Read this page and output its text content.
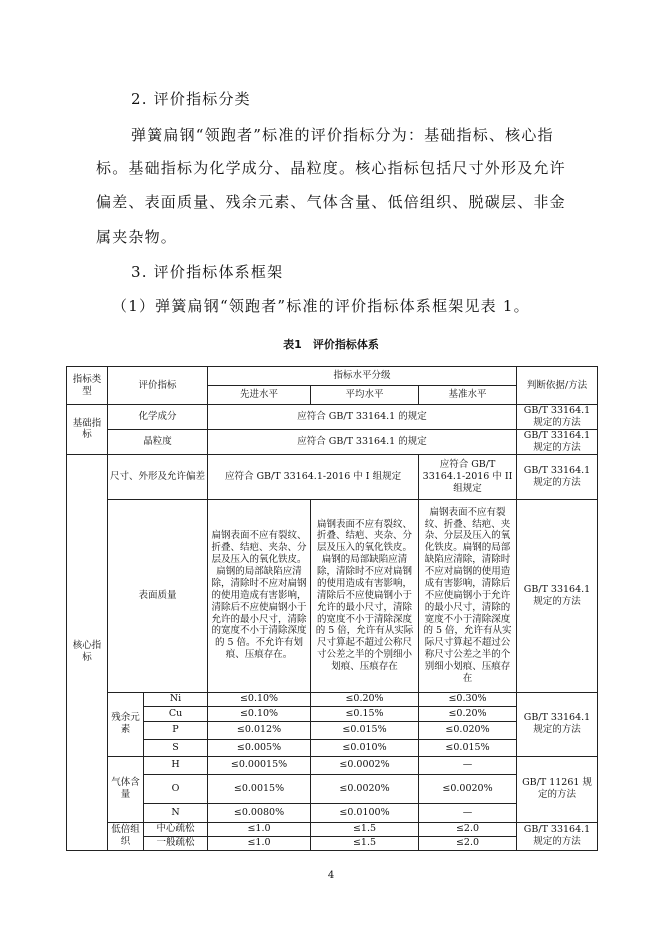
2. 评价指标分类
弹簧扁钢“领跑者”标准的评价指标分为：基础指标、核心指
标。基础指标为化学成分、晶粒度。核心指标包括尺寸外形及允许
偏差、表面质量、残余元素、气体含量、低倍组织、脱碳层、非金
属夹杂物。
3. 评价指标体系框架
（1）弹簧扁钢“领跑者”标准的评价指标体系框架见表 1。
表1　评价指标体系
指标类型	评价指标		指标水平分级			判断依据/方法
			先进水平	平均水平	基准水平	
基础指标	化学成分		应符合 GB/T 33164.1 的规定			GB/T 33164.1 规定的方法
	晶粒度		应符合 GB/T 33164.1 的规定			GB/T 33164.1 规定的方法
核心指标	尺寸、外形及允许偏差		应符合 GB/T 33164.1-2016 中 I 组规定		应符合 GB/T 33164.1-2016 中 II 组规定	GB/T 33164.1 规定的方法
	表面质量		扁钢表面不应有裂纹、折叠、结疤、夹杂、分层及压入的氧化铁皮。扁钢的局部缺陷应清除，清除时不应对扁钢的使用造成有害影响，清除后不应使扁钢小于允许的最小尺寸，清除的宽度不小于清除深度的 5 倍。不允许有划痕、压痕存在。	扁钢表面不应有裂纹、折叠、结疤、夹杂、分层及压入的氧化铁皮。扁钢的局部缺陷应清除，清除时不应对扁钢的使用造成有害影响，清除后不应使扁钢小于允许的最小尺寸，清除的宽度不小于清除深度的 5 倍，允许有从实际尺寸算起不超过公称尺寸公差之半的个别细小划痕、压痕存在	扁钢表面不应有裂纹、折叠、结疤、夹杂、分层及压入的氧化铁皮。扁钢的局部缺陷应清除，清除时不应对扁钢的使用造成有害影响，清除后不应使扁钢小于允许的最小尺寸，清除的宽度不小于清除深度的 5 倍，允许有从实际尺寸算起不超过公称尺寸公差之半的个别细小划痕、压痕存在	GB/T 33164.1 规定的方法
	残余元素	Ni	≤0.10%	≤0.20%	≤0.30%	GB/T 33164.1 规定的方法
		Cu	≤0.10%	≤0.15%	≤0.20%	
		P	≤0.012%	≤0.015%	≤0.020%	
		S	≤0.005%	≤0.010%	≤0.015%	
	气体含量	H	≤0.00015%	≤0.0002%	—	GB/T 11261 规定的方法
		O	≤0.0015%	≤0.0020%	≤0.0020%	
		N	≤0.0080%	≤0.0100%	—	
	低倍组织	中心疏松	≤1.0	≤1.5	≤2.0	GB/T 33164.1 规定的方法
		一般疏松	≤1.0	≤1.5	≤2.0	
4
